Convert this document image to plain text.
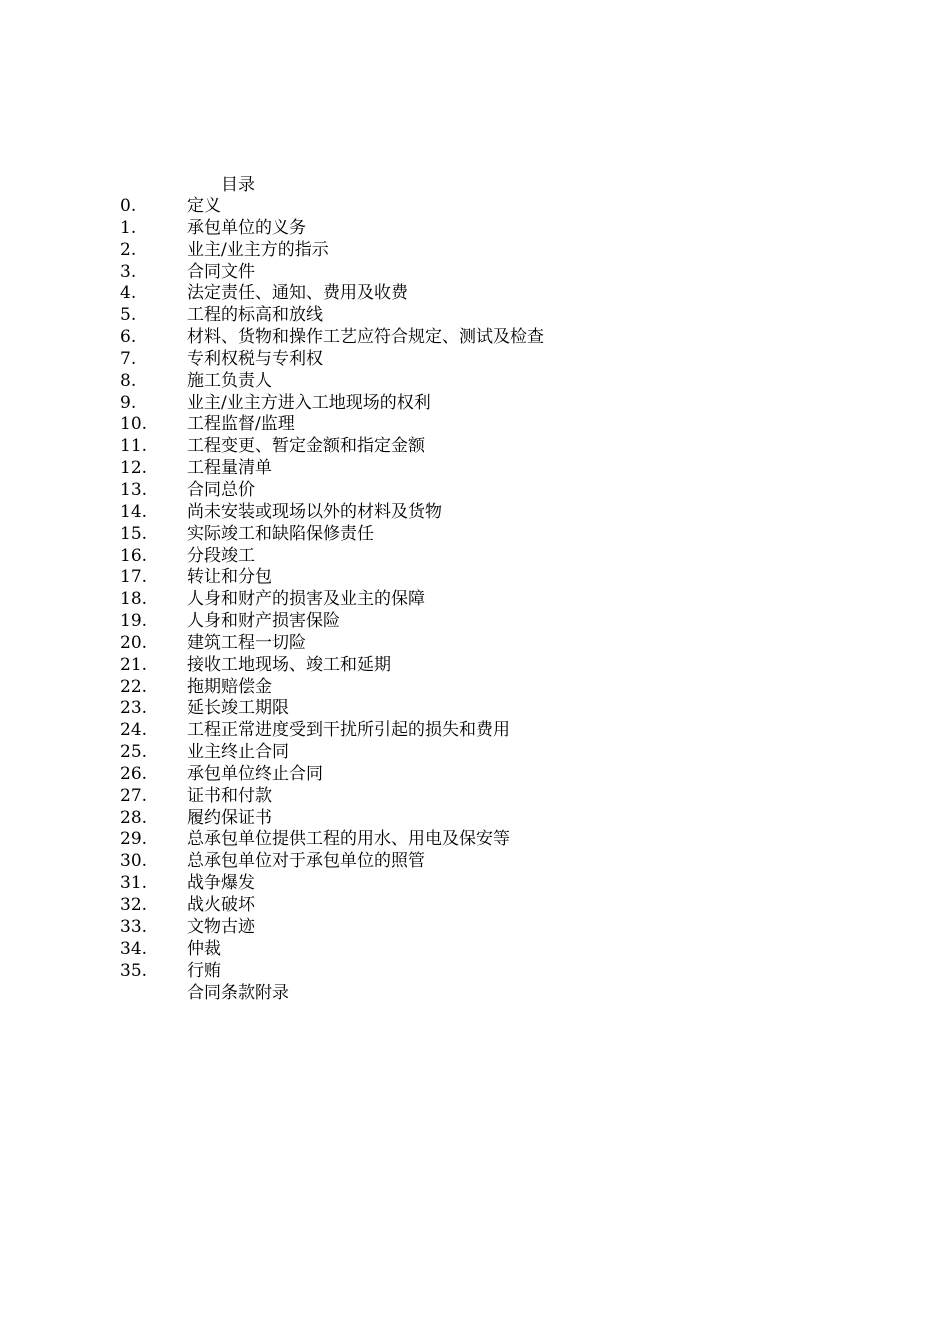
目录
0.	定义
1.	承包单位的义务
2.	业主/业主方的指示
3.	合同文件
4.	法定责任、通知、费用及收费
5.	工程的标高和放线
6.	材料、货物和操作工艺应符合规定、测试及检查
7.	专利权税与专利权
8.	施工负责人
9.	业主/业主方进入工地现场的权利
10.	工程监督/监理
11.	工程变更、暂定金额和指定金额
12.	工程量清单
13.	合同总价
14.	尚未安装或现场以外的材料及货物
15.	实际竣工和缺陷保修责任
16.	分段竣工
17.	转让和分包
18.	人身和财产的损害及业主的保障
19.	人身和财产损害保险
20.	建筑工程一切险
21.	接收工地现场、竣工和延期
22.	拖期赔偿金
23.	延长竣工期限
24.	工程正常进度受到干扰所引起的损失和费用
25.	业主终止合同
26.	承包单位终止合同
27.	证书和付款
28.	履约保证书
29.	总承包单位提供工程的用水、用电及保安等
30.	总承包单位对于承包单位的照管
31.	战争爆发
32.	战火破坏
33.	文物古迹
34.	仲裁
35.	行贿
合同条款附录
